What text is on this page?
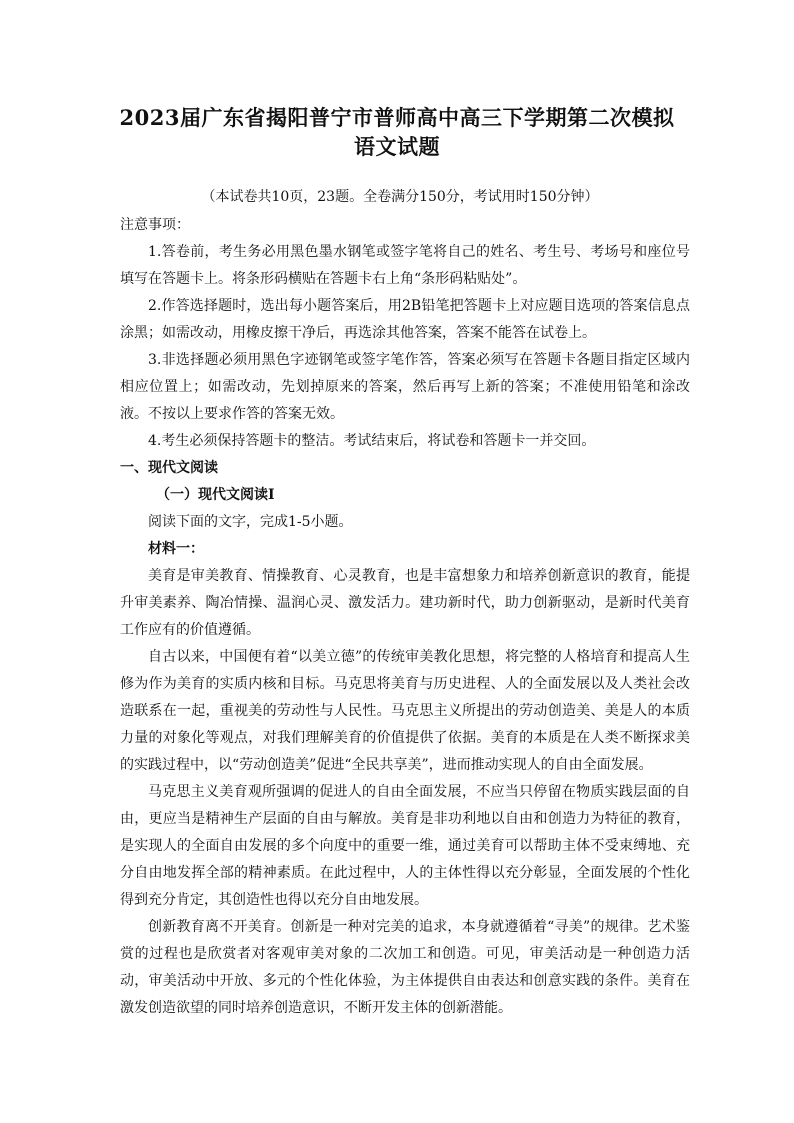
2023届广东省揭阳普宁市普师高中高三下学期第二次模拟
语文试题
（本试卷共10页，23题。全卷满分150分，考试用时150分钟）

注意事项：

1.答卷前，考生务必用黑色墨水钢笔或签字笔将自己的姓名、考生号、考场号和座位号填写在答题卡上。将条形码横贴在答题卡右上角“条形码粘贴处”。

2.作答选择题时，选出每小题答案后，用2B铅笔把答题卡上对应题目选项的答案信息点涂黑；如需改动，用橡皮擦干净后，再选涂其他答案，答案不能答在试卷上。

3.非选择题必须用黑色字迹钢笔或签字笔作答，答案必须写在答题卡各题目指定区域内相应位置上；如需改动，先划掉原来的答案，然后再写上新的答案；不准使用铅笔和涂改液。不按以上要求作答的答案无效。

4.考生必须保持答题卡的整洁。考试结束后，将试卷和答题卡一并交回。

一、现代文阅读

（一）现代文阅读Ⅰ

阅读下面的文字，完成1-5小题。

材料一：

美育是审美教育、情操教育、心灵教育，也是丰富想象力和培养创新意识的教育，能提升审美素养、陶冶情操、温润心灵、激发活力。建功新时代，助力创新驱动，是新时代美育工作应有的价值遵循。

自古以来，中国便有着“以美立德”的传统审美教化思想，将完整的人格培育和提高人生修为作为美育的实质内核和目标。马克思将美育与历史进程、人的全面发展以及人类社会改造联系在一起，重视美的劳动性与人民性。马克思主义所提出的劳动创造美、美是人的本质力量的对象化等观点，对我们理解美育的价值提供了依据。美育的本质是在人类不断探求美的实践过程中，以“劳动创造美”促进“全民共享美”，进而推动实现人的自由全面发展。

马克思主义美育观所强调的促进人的自由全面发展，不应当只停留在物质实践层面的自由，更应当是精神生产层面的自由与解放。美育是非功利地以自由和创造力为特征的教育，是实现人的全面自由发展的多个向度中的重要一维，通过美育可以帮助主体不受束缚地、充分自由地发挥全部的精神素质。在此过程中，人的主体性得以充分彰显，全面发展的个性化得到充分肯定，其创造性也得以充分自由地发展。

创新教育离不开美育。创新是一种对完美的追求，本身就遵循着“寻美”的规律。艺术鉴赏的过程也是欣赏者对客观审美对象的二次加工和创造。可见，审美活动是一种创造力活动，审美活动中开放、多元的个性化体验，为主体提供自由表达和创意实践的条件。美育在激发创造欲望的同时培养创造意识，不断开发主体的创新潜能。
